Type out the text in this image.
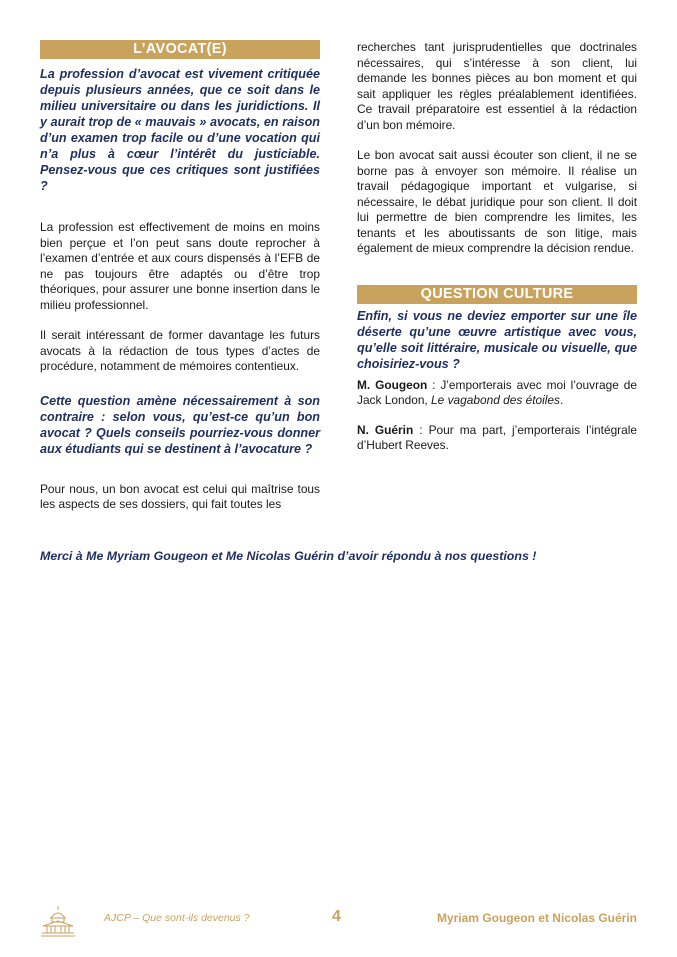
L’AVOCAT(E)

La profession d’avocat est vivement critiquée depuis plusieurs années, que ce soit dans le milieu universitaire ou dans les juridictions. Il y aurait trop de « mauvais » avocats, en raison d’un examen trop facile ou d’une vocation qui n’a plus à cœur l’intérêt du justiciable. Pensez-vous que ces critiques sont justifiées ?

La profession est effectivement de moins en moins bien perçue et l’on peut sans doute reprocher à l’examen d’entrée et aux cours dispensés à l’EFB de ne pas toujours être adaptés ou d’être trop théoriques, pour assurer une bonne insertion dans le milieu professionnel.

Il serait intéressant de former davantage les futurs avocats à la rédaction de tous types d’actes de procédure, notamment de mémoires contentieux.

Cette question amène nécessairement à son contraire : selon vous, qu’est-ce qu’un bon avocat ? Quels conseils pourriez-vous donner aux étudiants qui se destinent à l’avocature ?

Pour nous, un bon avocat est celui qui maîtrise tous les aspects de ses dossiers, qui fait toutes les

recherches tant jurisprudentielles que doctrinales nécessaires, qui s’intéresse à son client, lui demande les bonnes pièces au bon moment et qui sait appliquer les règles préalablement identifiées. Ce travail préparatoire est essentiel à la rédaction d’un bon mémoire.

Le bon avocat sait aussi écouter son client, il ne se borne pas à envoyer son mémoire. Il réalise un travail pédagogique important et vulgarise, si nécessaire, le débat juridique pour son client. Il doit lui permettre de bien comprendre les limites, les tenants et les aboutissants de son litige, mais également de mieux comprendre la décision rendue.

QUESTION CULTURE

Enfin, si vous ne deviez emporter sur une île déserte qu’une œuvre artistique avec vous, qu’elle soit littéraire, musicale ou visuelle, que choisiriez-vous ?

M. Gougeon : J’emporterais avec moi l’ouvrage de Jack London, Le vagabond des étoiles.

N. Guérin : Pour ma part, j’emporterais l’intégrale d’Hubert Reeves.

Merci à Me Myriam Gougeon et Me Nicolas Guérin d’avoir répondu à nos questions !
AJCP – Que sont-ils devenus ?	4	Myriam Gougeon et Nicolas Guérin
